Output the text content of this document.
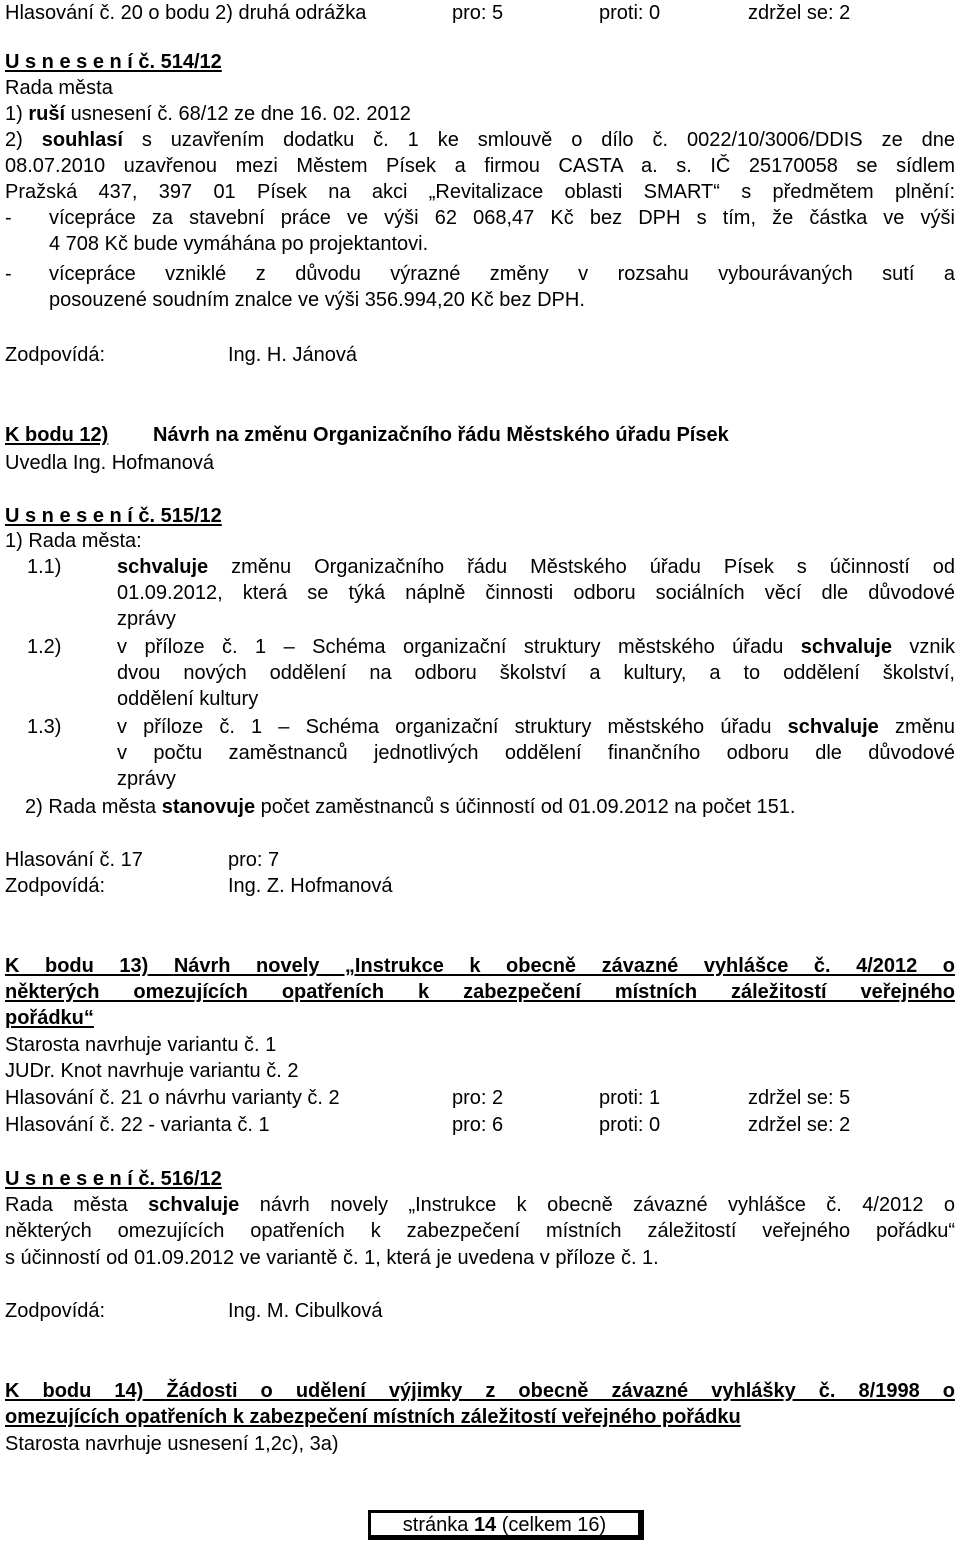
Hlasování č. 20 o bodu 2) druhá odrážka	pro: 5	proti: 0	zdržel se: 2
U s n e s e n í č. 514/12
Rada města
1) ruší usnesení č. 68/12 ze dne 16. 02. 2012
2) souhlasí s uzavřením dodatku č. 1 ke smlouvě o dílo č. 0022/10/3006/DDIS ze dne
08.07.2010 uzavřenou mezi Městem Písek a firmou CASTA a. s. IČ 25170058 se sídlem
Pražská 437, 397 01 Písek na akci „Revitalizace oblasti SMART“ s předmětem plnění:
- vícepráce za stavební práce ve výši 62 068,47 Kč bez DPH s tím, že částka ve výši
4 708 Kč bude vymáhána po projektantovi.
- vícepráce vzniklé z důvodu výrazné změny v rozsahu vybourávaných sutí a
posouzené soudním znalce ve výši 356.994,20 Kč bez DPH.
Zodpovídá:	Ing. H. Jánová
K bodu 12) Návrh na změnu Organizačního řádu Městského úřadu Písek
Uvedla Ing. Hofmanová
U s n e s e n í č. 515/12
1) Rada města:
1.1)	schvaluje změnu Organizačního řádu Městského úřadu Písek s účinností od
01.09.2012, která se týká náplně činnosti odboru sociálních věcí dle důvodové
zprávy
1.2)	v příloze č. 1 – Schéma organizační struktury městského úřadu schvaluje vznik
dvou nových oddělení na odboru školství a kultury, a to oddělení školství,
oddělení kultury
1.3)	v příloze č. 1 – Schéma organizační struktury městského úřadu schvaluje změnu
v počtu zaměstnanců jednotlivých oddělení finančního odboru dle důvodové
zprávy
2) Rada města stanovuje počet zaměstnanců s účinností od 01.09.2012 na počet 151.
Hlasování č. 17	pro: 7
Zodpovídá:	Ing. Z. Hofmanová
K bodu 13) Návrh novely „Instrukce k obecně závazné vyhlášce č. 4/2012 o
některých omezujících opatřeních k zabezpečení místních záležitostí veřejného
pořádku“
Starosta navrhuje variantu č. 1
JUDr. Knot navrhuje variantu č. 2
Hlasování č. 21 o návrhu varianty č. 2	pro: 2	proti: 1	zdržel se: 5
Hlasování č. 22 - varianta č. 1	pro: 6	proti: 0	zdržel se: 2
U s n e s e n í č. 516/12
Rada města schvaluje návrh novely „Instrukce k obecně závazné vyhlášce č. 4/2012 o
některých omezujících opatřeních k zabezpečení místních záležitostí veřejného pořádku“
s účinností od 01.09.2012 ve variantě č. 1, která je uvedena v příloze č. 1.
Zodpovídá:	Ing. M. Cibulková
K bodu 14) Žádosti o udělení výjimky z obecně závazné vyhlášky č. 8/1998 o
omezujících opatřeních k zabezpečení místních záležitostí veřejného pořádku
Starosta navrhuje usnesení 1,2c), 3a)
stránka 14 (celkem 16)
